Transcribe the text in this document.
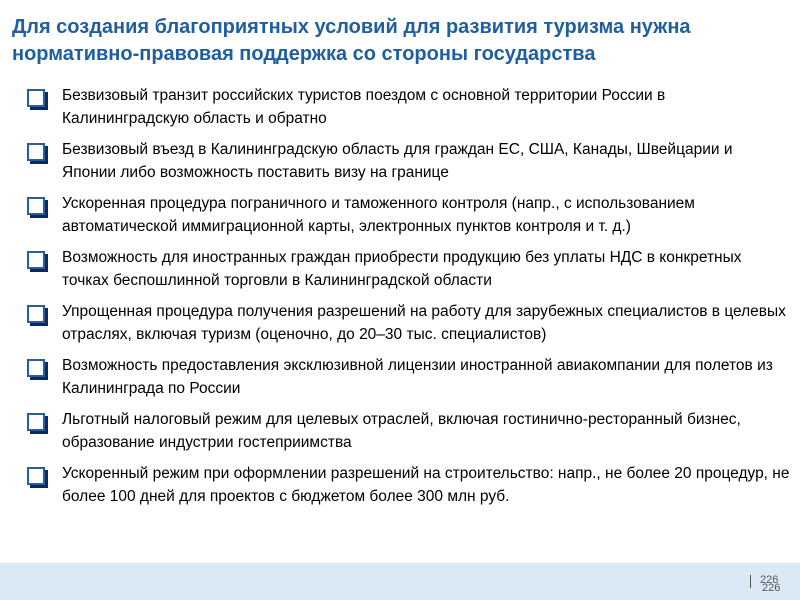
Для создания благоприятных условий для развития туризма нужна нормативно-правовая поддержка со стороны государства
Безвизовый транзит российских туристов поездом с основной территории России в Калининградскую область и обратно
Безвизовый въезд в Калининградскую область для граждан ЕС, США, Канады, Швейцарии и Японии либо возможность поставить визу на границе
Ускоренная процедура пограничного и таможенного контроля (напр., с использованием автоматической иммиграционной карты, электронных пунктов контроля и т. д.)
Возможность для иностранных граждан приобрести продукцию без уплаты НДС в конкретных точках беспошлинной торговли в Калининградской области
Упрощенная процедура получения разрешений на работу для зарубежных специалистов в целевых отраслях, включая туризм (оценочно, до 20–30 тыс. специалистов)
Возможность предоставления эксклюзивной лицензии иностранной авиакомпании для полетов из Калининграда по России
Льготный налоговый режим для целевых отраслей, включая гостинично-ресторанный бизнес, образование индустрии гостеприимства
Ускоренный режим при оформлении разрешений на строительство: напр., не более 20 процедур, не более 100 дней для проектов с бюджетом более 300 млн руб.
226
226
